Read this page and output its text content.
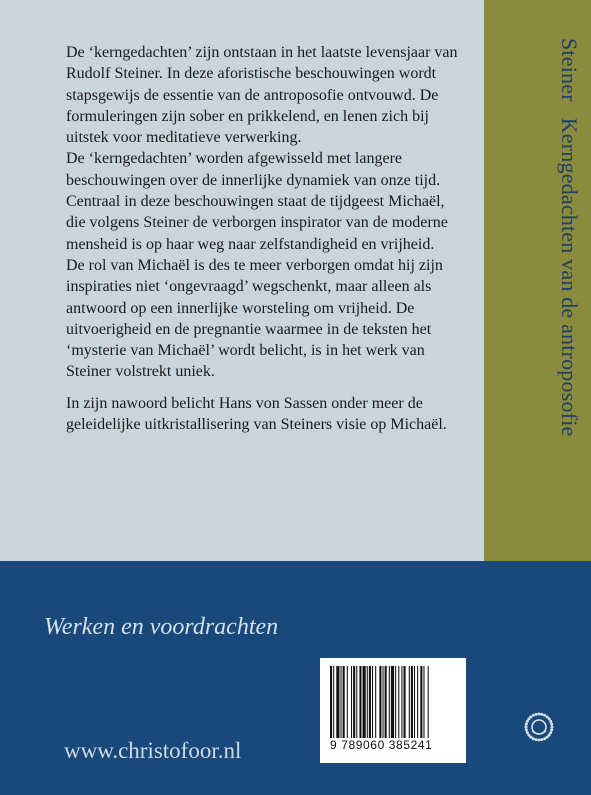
SteinerKerngedachten van de antroposofie

De ‘kerngedachten’ zijn ontstaan in het laatste levensjaar van Rudolf Steiner. In deze aforistische beschouwingen wordt stapsgewijs de essentie van de antroposofie ontvouwd. De formuleringen zijn sober en prikkelend, en lenen zich bij uitstek voor meditatieve verwerking.

De ‘kerngedachten’ worden afgewisseld met langere beschouwingen over de innerlijke dynamiek van onze tijd. Centraal in deze beschouwingen staat de tijdgeest Michaël, die volgens Steiner de verborgen inspirator van de moderne mensheid is op haar weg naar zelfstandigheid en vrijheid.

De rol van Michaël is des te meer verborgen omdat hij zijn inspiraties niet ‘ongevraagd’ wegschenkt, maar alleen als antwoord op een innerlijke worsteling om vrijheid. De uitvoerigheid en de pregnantie waarmee in de teksten het ‘mysterie van Michaël’ wordt belicht, is in het werk van Steiner volstrekt uniek.

In zijn nawoord belicht Hans von Sassen onder meer de geleidelijke uitkristallisering van Steiners visie op Michaël.

Werken en voordrachten
www.christofoor.nl	9 789060 385241
